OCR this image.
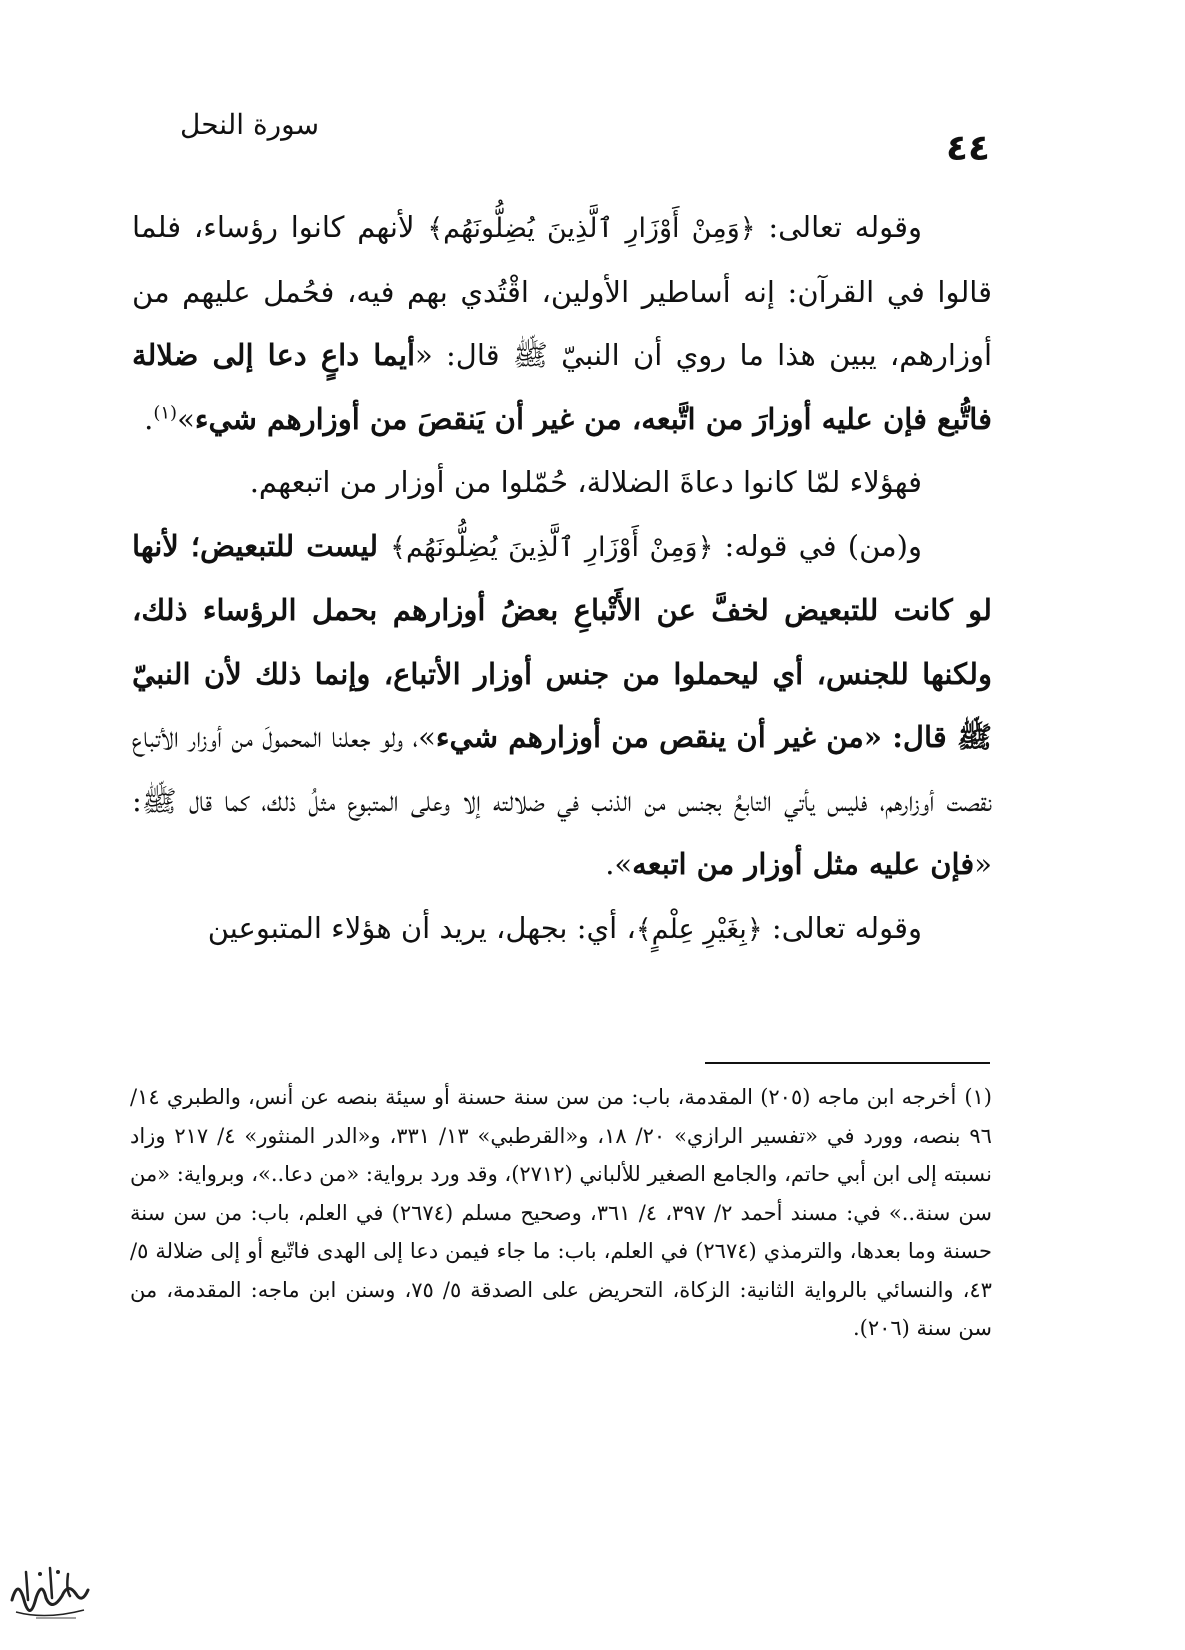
٤٤
سورة النحل

وقوله تعالى: ﴿وَمِنْ أَوْزَارِ ٱلَّذِينَ يُضِلُّونَهُم﴾ لأنهم كانوا رؤساء، فلما قالوا في القرآن: إنه أساطير الأولين، اقْتُدي بهم فيه، فحُمل عليهم من أوزارهم، يبين هذا ما روي أن النبيّ ﷺ قال: «أيما داعٍ دعا إلى ضلالة فاتُّبع فإن عليه أوزارَ من اتَّبعه، من غير أن يَنقصَ من أوزارهم شيء»$^{(١)}$.

فهؤلاء لمّا كانوا دعاةَ الضلالة، حُمّلوا من أوزار من اتبعهم.

و(من) في قوله: ﴿وَمِنْ أَوْزَارِ ٱلَّذِينَ يُضِلُّونَهُم﴾ ليست للتبعيض؛ لأنها لو كانت للتبعيض لخفَّ عن الأَتْباعِ بعضُ أوزارهم بحمل الرؤساء ذلك، ولكنها للجنس، أي ليحملوا من جنس أوزار الأتباع، وإنما ذلك لأن النبيّ ﷺ قال: «من غير أن ينقص من أوزارهم شيء»، ولو جعلنا المحمولَ من أوزار الأتباع نقصت أوزارهم، فليس يأتي التابعُ بجنس من الذنب في ضلالته إلا وعلى المتبوع مثلُ ذلك، كما قال ﷺ: «فإن عليه مثل أوزار من اتبعه».

وقوله تعالى: ﴿بِغَيْرِ عِلْمٍ﴾، أي: بجهل، يريد أن هؤلاء المتبوعين

(١)أخرجه ابن ماجه (٢٠٥) المقدمة، باب: من سن سنة حسنة أو سيئة بنصه عن أنس، والطبري ١٤/ ٩٦ بنصه، وورد في «تفسير الرازي» ٢٠/ ١٨، و«القرطبي» ١٣/ ٣٣١، و«الدر المنثور» ٤/ ٢١٧ وزاد نسبته إلى ابن أبي حاتم، والجامع الصغير للألباني (٢٧١٢)، وقد ورد برواية: «من دعا..»، وبرواية: «من سن سنة..» في: مسند أحمد ٢/ ٣٩٧، ٤/ ٣٦١، وصحيح مسلم (٢٦٧٤) في العلم، باب: من سن سنة حسنة وما بعدها، والترمذي (٢٦٧٤) في العلم، باب: ما جاء فيمن دعا إلى الهدى فاتّبع أو إلى ضلالة ٥/ ٤٣، والنسائي بالرواية الثانية: الزكاة، التحريض على الصدقة ٥/ ٧٥، وسنن ابن ماجه: المقدمة، من سن سنة (٢٠٦).
